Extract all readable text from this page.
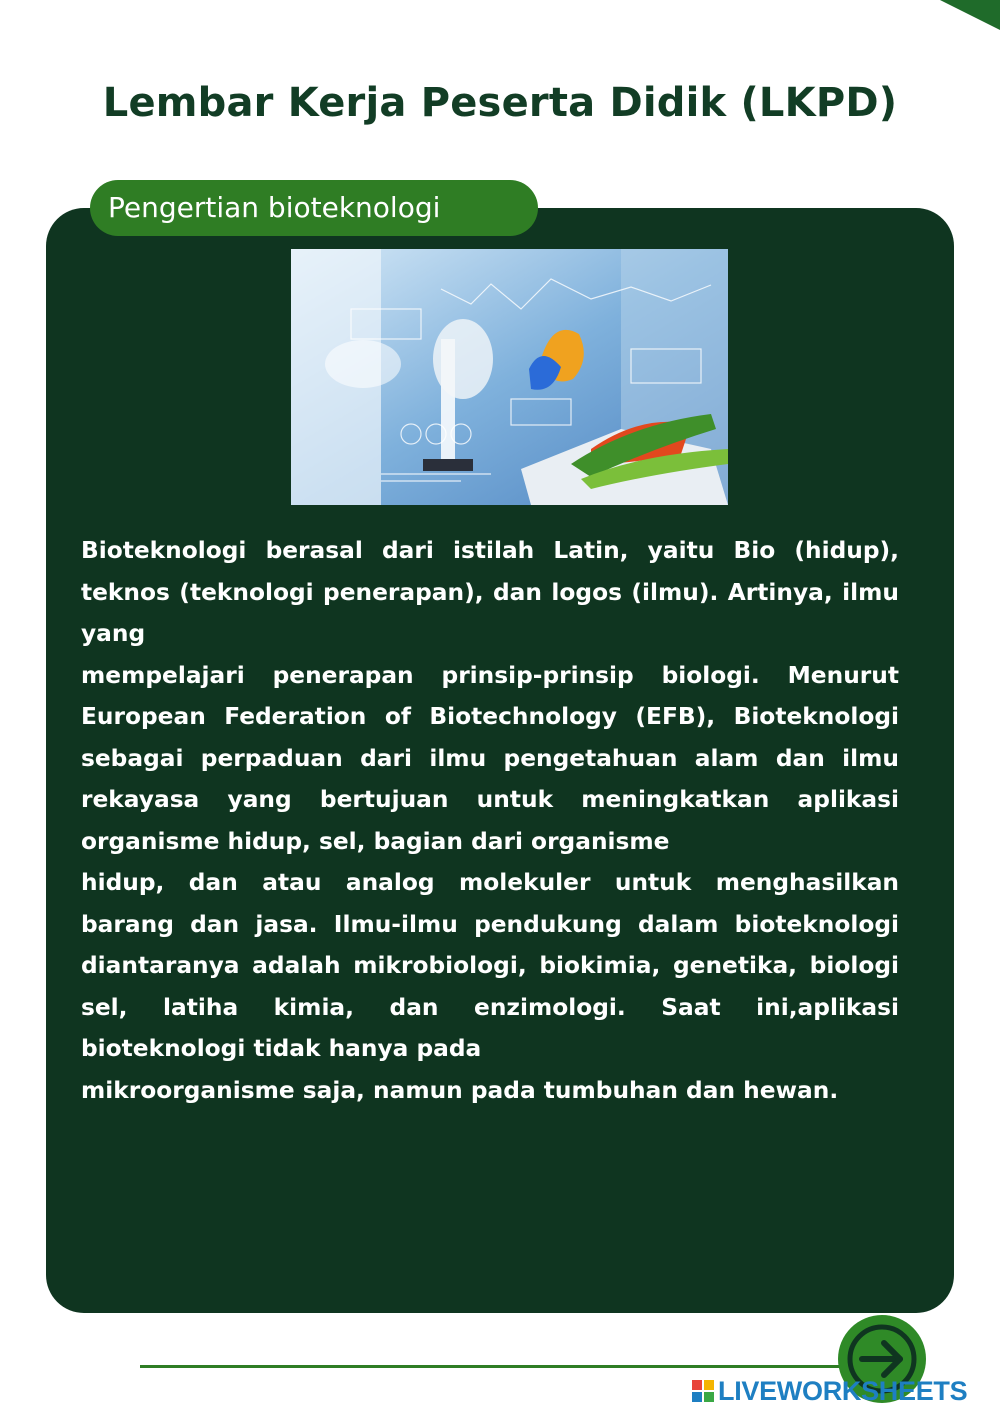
Lembar Kerja Peserta Didik (LKPD)
Pengertian bioteknologi
Bioteknologi berasal dari istilah Latin, yaitu Bio (hidup), teknos (teknologi penerapan), dan logos (ilmu). Artinya, ilmu yang
mempelajari penerapan prinsip-prinsip biologi. Menurut European Federation of Biotechnology (EFB), Bioteknologi sebagai perpaduan dari ilmu pengetahuan alam dan ilmu rekayasa yang bertujuan untuk meningkatkan aplikasi organisme hidup, sel, bagian dari organisme
hidup, dan atau analog molekuler untuk menghasilkan barang dan jasa. Ilmu-ilmu pendukung dalam bioteknologi diantaranya adalah mikrobiologi, biokimia, genetika, biologi sel, latiha kimia, dan enzimologi. Saat ini,aplikasi bioteknologi tidak hanya pada
mikroorganisme saja, namun pada tumbuhan dan hewan.
LIVEWORKSHEETS
